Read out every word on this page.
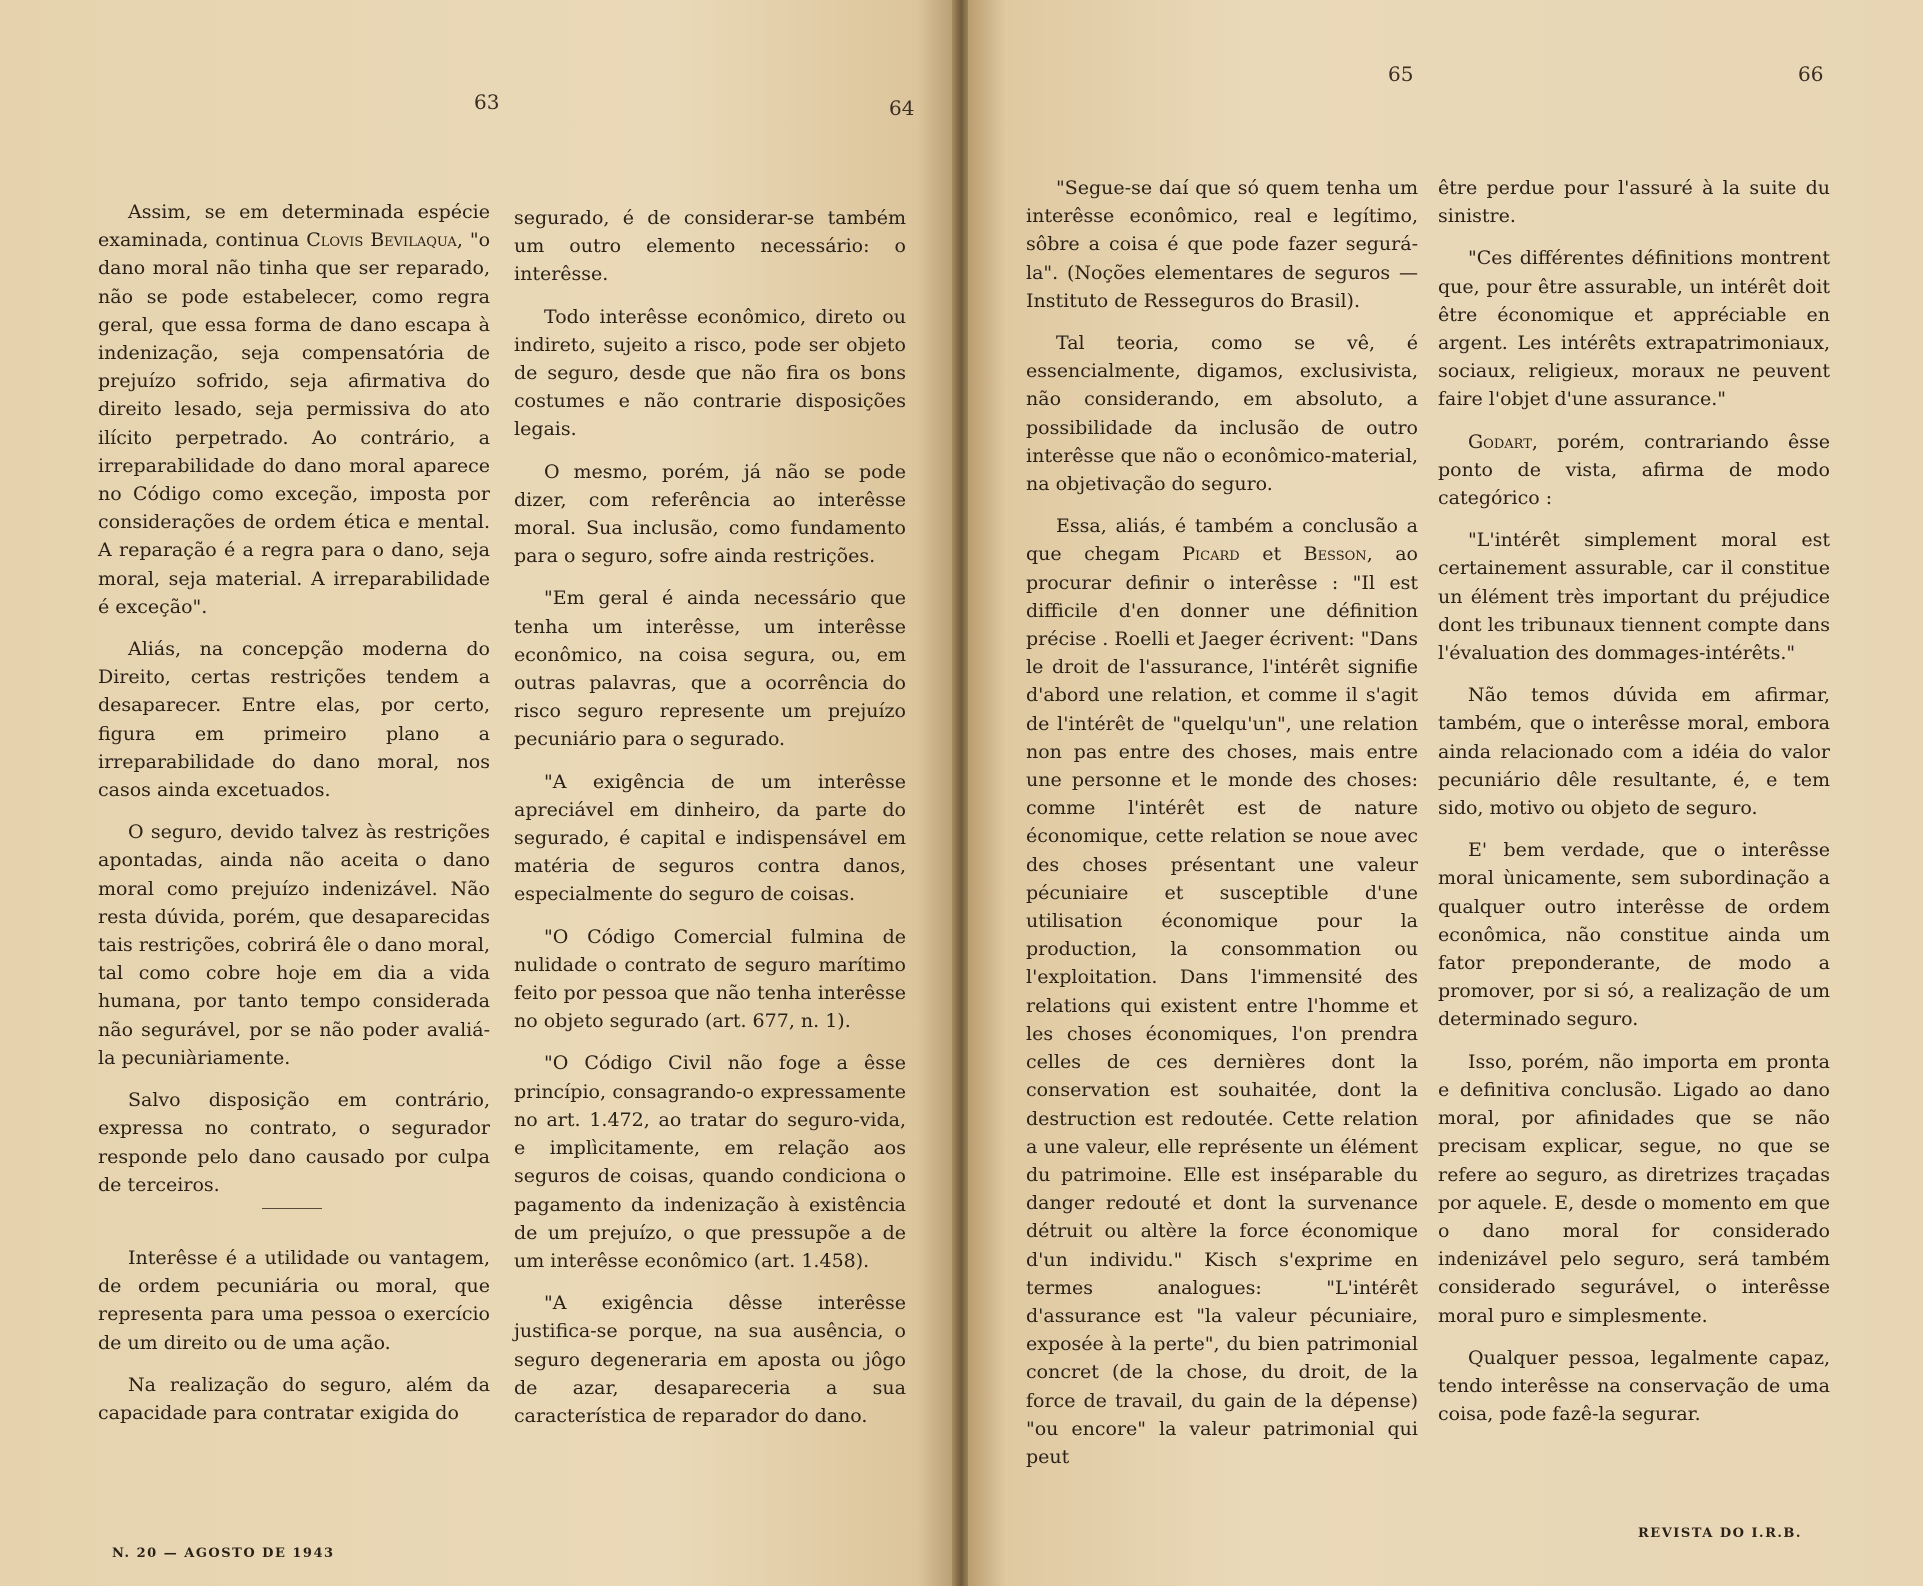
63	64

Assim, se em determinada espécie examinada, continua Clovis Bevilaqua, "o dano moral não tinha que ser reparado, não se pode estabelecer, como regra geral, que essa forma de dano escapa à indenização, seja compensatória de prejuízo sofrido, seja afirmativa do direito lesado, seja permissiva do ato ilícito perpetrado. Ao contrário, a irreparabilidade do dano moral aparece no Código como exceção, imposta por considerações de ordem ética e mental. A reparação é a regra para o dano, seja moral, seja material. A irreparabilidade é exceção".

Aliás, na concepção moderna do Direito, certas restrições tendem a desaparecer. Entre elas, por certo, figura em primeiro plano a irreparabilidade do dano moral, nos casos ainda excetuados.

O seguro, devido talvez às restrições apontadas, ainda não aceita o dano moral como prejuízo indenizável. Não resta dúvida, porém, que desaparecidas tais restrições, cobrirá êle o dano moral, tal como cobre hoje em dia a vida humana, por tanto tempo considerada não segurável, por se não poder avaliá-la pecuniàriamente.

Salvo disposição em contrário, expressa no contrato, o segurador responde pelo dano causado por culpa de terceiros.

Interêsse é a utilidade ou vantagem, de ordem pecuniária ou moral, que representa para uma pessoa o exercício de um direito ou de uma ação.

Na realização do seguro, além da capacidade para contratar exigida do

segurado, é de considerar-se também um outro elemento necessário: o interêsse.

Todo interêsse econômico, direto ou indireto, sujeito a risco, pode ser objeto de seguro, desde que não fira os bons costumes e não contrarie disposições legais.

O mesmo, porém, já não se pode dizer, com referência ao interêsse moral. Sua inclusão, como fundamento para o seguro, sofre ainda restrições.

"Em geral é ainda necessário que tenha um interêsse, um interêsse econômico, na coisa segura, ou, em outras palavras, que a ocorrência do risco seguro represente um prejuízo pecuniário para o segurado.

"A exigência de um interêsse apreciável em dinheiro, da parte do segurado, é capital e indispensável em matéria de seguros contra danos, especialmente do seguro de coisas.

"O Código Comercial fulmina de nulidade o contrato de seguro marítimo feito por pessoa que não tenha interêsse no objeto segurado (art. 677, n. 1).

"O Código Civil não foge a êsse princípio, consagrando-o expressamente no art. 1.472, ao tratar do seguro-vida, e implìcitamente, em relação aos seguros de coisas, quando condiciona o pagamento da indenização à existência de um prejuízo, o que pressupõe a de um interêsse econômico (art. 1.458).

"A exigência dêsse interêsse justifica-se porque, na sua ausência, o seguro degeneraria em aposta ou jôgo de azar, desapareceria a sua característica de reparador do dano.

N. 20 — AGOSTO DE 1943
65	66

"Segue-se daí que só quem tenha um interêsse econômico, real e legítimo, sôbre a coisa é que pode fazer segurá-la". (Noções elementares de seguros — Instituto de Resseguros do Brasil).

Tal teoria, como se vê, é essencialmente, digamos, exclusivista, não considerando, em absoluto, a possibilidade da inclusão de outro interêsse que não o econômico-material, na objetivação do seguro.

Essa, aliás, é também a conclusão a que chegam Picard et Besson, ao procurar definir o interêsse : "Il est difficile d'en donner une définition précise . Roelli et Jaeger écrivent: "Dans le droit de l'assurance, l'intérêt signifie d'abord une relation, et comme il s'agit de l'intérêt de "quelqu'un", une relation non pas entre des choses, mais entre une personne et le monde des choses: comme l'intérêt est de nature économique, cette relation se noue avec des choses présentant une valeur pécuniaire et susceptible d'une utilisation économique pour la production, la consommation ou l'exploitation. Dans l'immensité des relations qui existent entre l'homme et les choses économiques, l'on prendra celles de ces dernières dont la conservation est souhaitée, dont la destruction est redoutée. Cette relation a une valeur, elle représente un élément du patrimoine. Elle est inséparable du danger redouté et dont la survenance détruit ou altère la force économique d'un individu." Kisch s'exprime en termes analogues: "L'intérêt d'assurance est "la valeur pécuniaire, exposée à la perte", du bien patrimonial concret (de la chose, du droit, de la force de travail, du gain de la dépense) "ou encore" la valeur patrimonial qui peut

être perdue pour l'assuré à la suite du sinistre.

"Ces différentes définitions montrent que, pour être assurable, un intérêt doit être économique et appréciable en argent. Les intérêts extrapatrimoniaux, sociaux, religieux, moraux ne peuvent faire l'objet d'une assurance."

Godart, porém, contrariando êsse ponto de vista, afirma de modo categórico :

"L'intérêt simplement moral est certainement assurable, car il constitue un élément très important du préjudice dont les tribunaux tiennent compte dans l'évaluation des dommages-intérêts."

Não temos dúvida em afirmar, também, que o interêsse moral, embora ainda relacionado com a idéia do valor pecuniário dêle resultante, é, e tem sido, motivo ou objeto de seguro.

E' bem verdade, que o interêsse moral ùnicamente, sem subordinação a qualquer outro interêsse de ordem econômica, não constitue ainda um fator preponderante, de modo a promover, por si só, a realização de um determinado seguro.

Isso, porém, não importa em pronta e definitiva conclusão. Ligado ao dano moral, por afinidades que se não precisam explicar, segue, no que se refere ao seguro, as diretrizes traçadas por aquele. E, desde o momento em que o dano moral for considerado indenizável pelo seguro, será também considerado segurável, o interêsse moral puro e simplesmente.

Qualquer pessoa, legalmente capaz, tendo interêsse na conservação de uma coisa, pode fazê-la segurar.

REVISTA DO I.R.B.
